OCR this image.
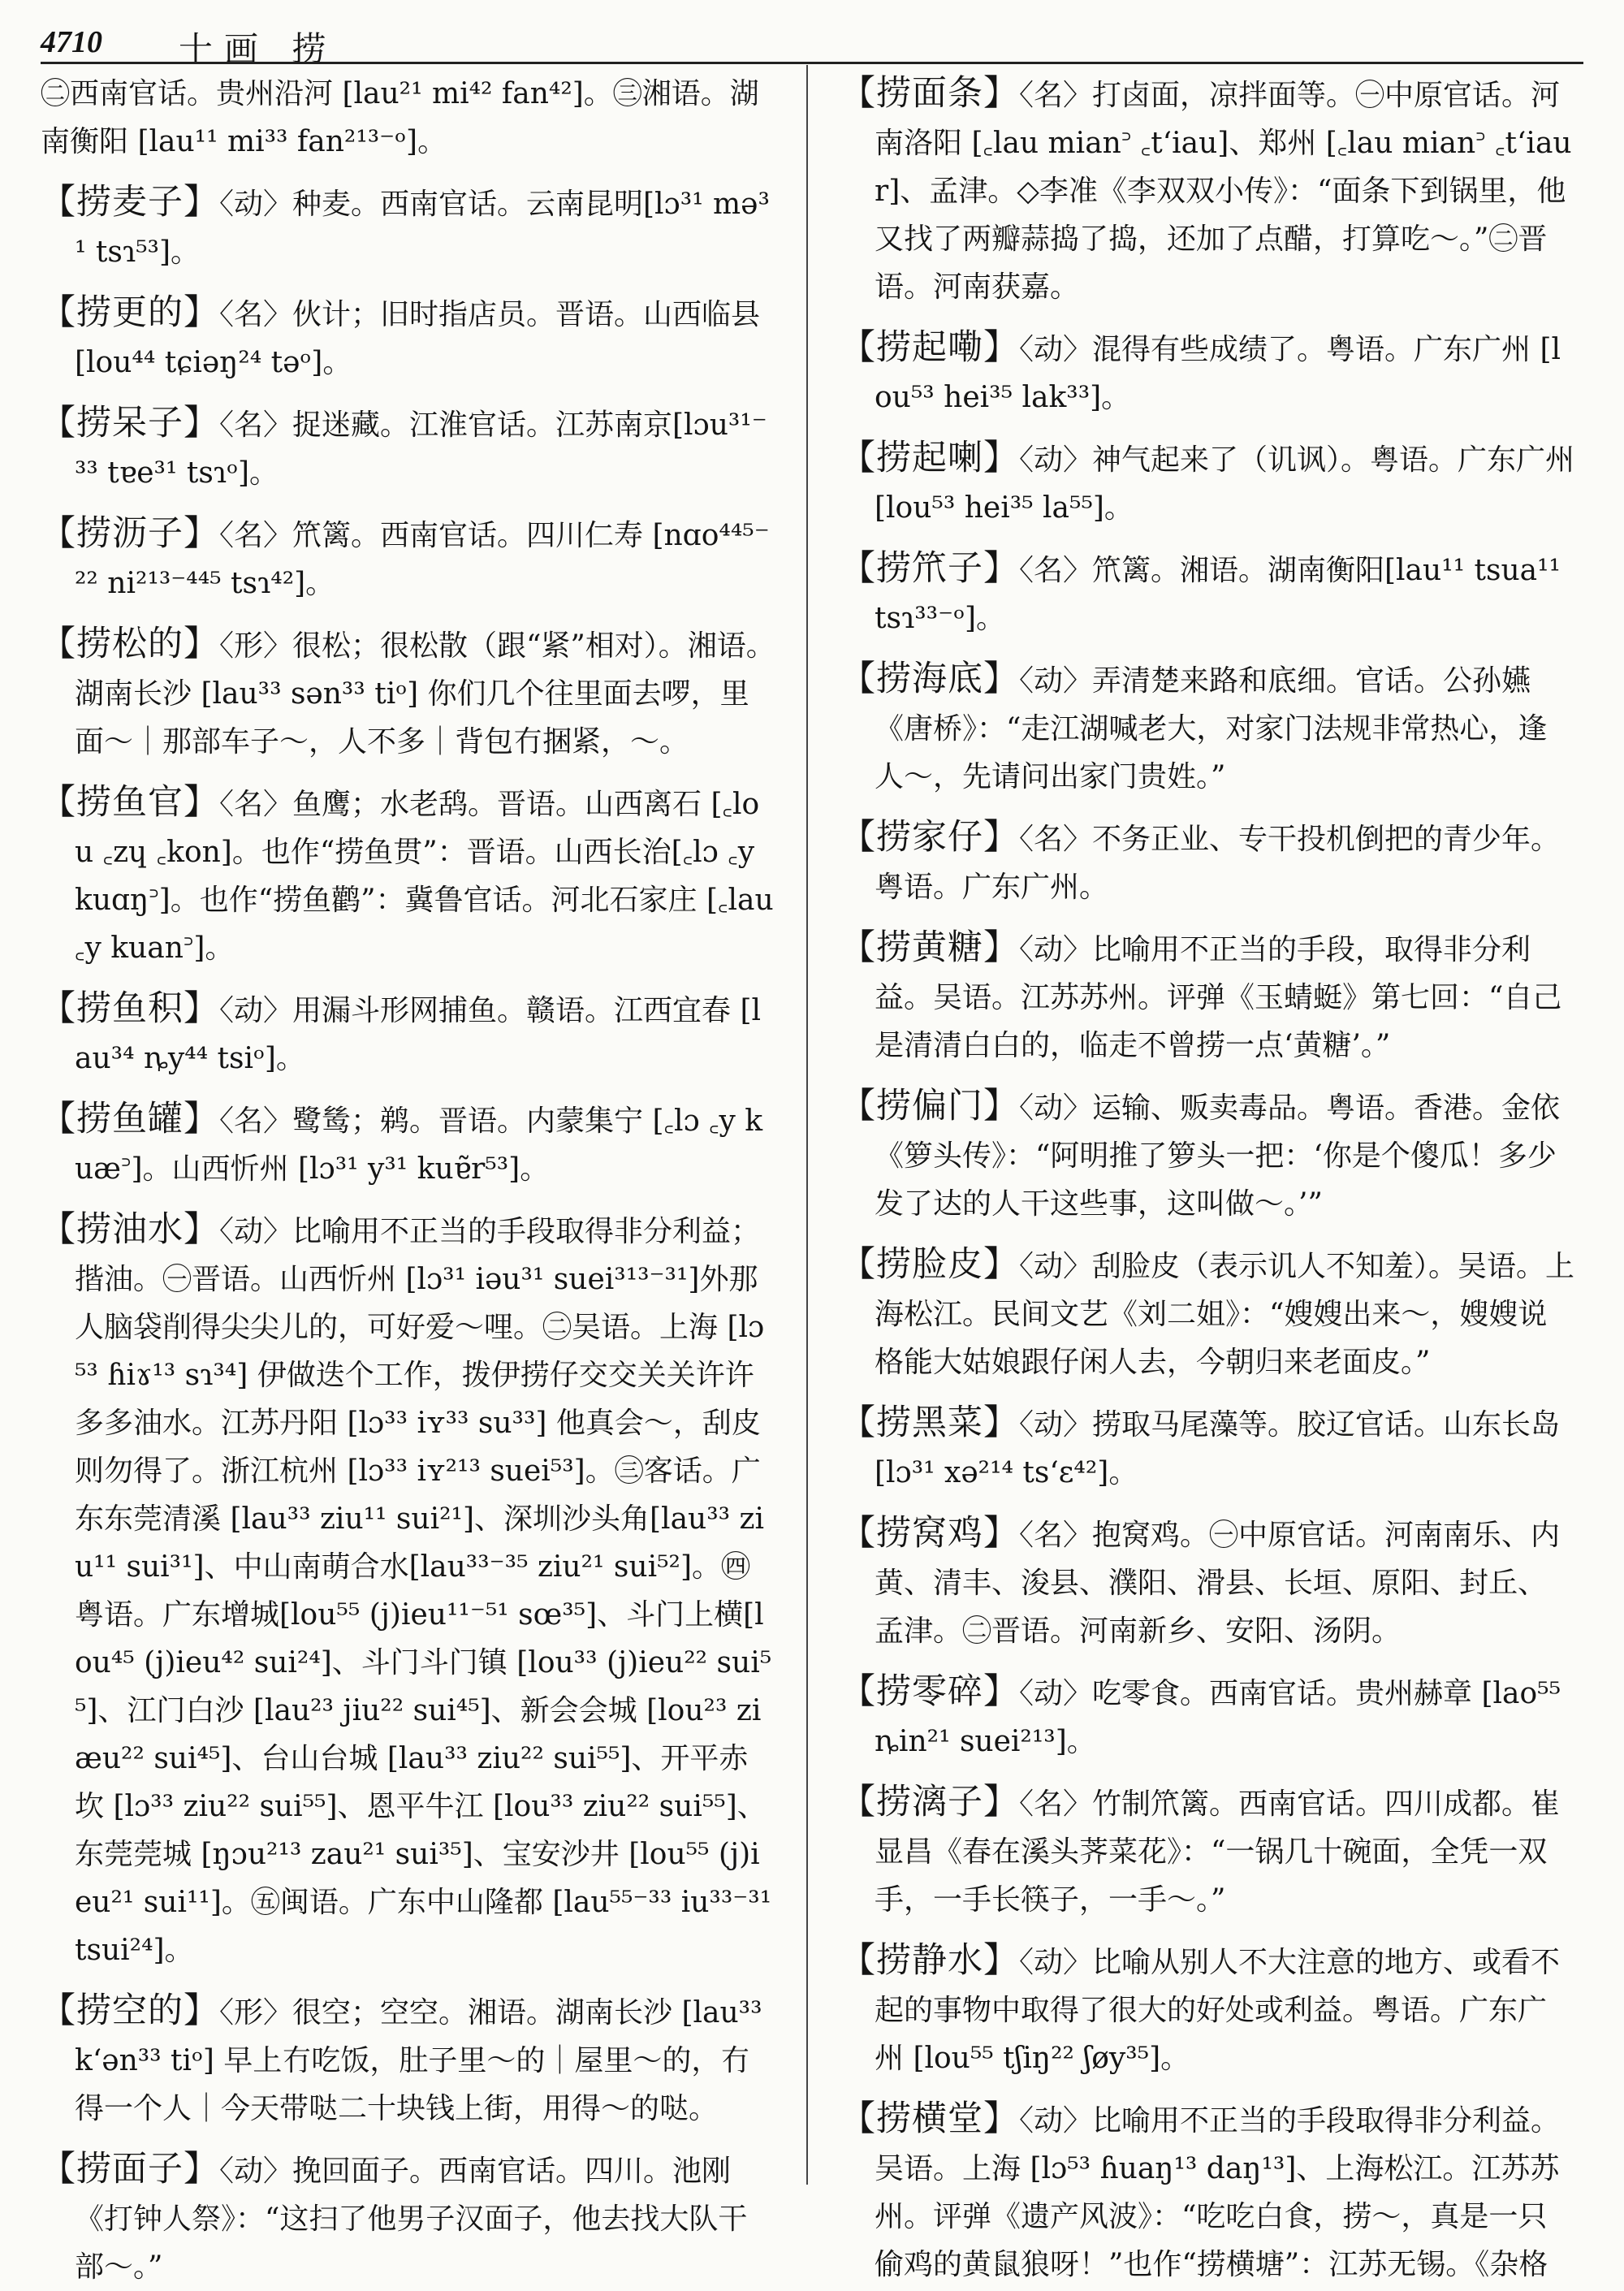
4710 十画 捞

㊁西南官话。贵州沿河 [lau²¹ mi⁴² fan⁴²]。㊂湘语。湖南衡阳 [lau¹¹ mi³³ fan²¹³⁻ᵒ]。

【捞麦子】〈动〉种麦。西南官话。云南昆明[lɔ³¹ mə³¹ tsɿ⁵³]。

【捞更的】〈名〉伙计；旧时指店员。晋语。山西临县 [lou⁴⁴ tɕiəŋ²⁴ təᵒ]。

【捞呆子】〈名〉捉迷藏。江淮官话。江苏南京[lɔu³¹⁻³³ tɐe³¹ tsɿᵒ]。

【捞沥子】〈名〉笊篱。西南官话。四川仁寿 [nɑo⁴⁴⁵⁻²² ni²¹³⁻⁴⁴⁵ tsɿ⁴²]。

【捞松的】〈形〉很松；很松散（跟“紧”相对）。湘语。湖南长沙 [lau³³ sən³³ tiᵒ] 你们几个往里面去啰，里面～｜那部车子～，人不多｜背包冇捆紧，～。

【捞鱼官】〈名〉鱼鹰；水老鸹。晋语。山西离石 [꜀lou ꜀zɥ ꜀kon]。也作“捞鱼贯”：晋语。山西长治[꜀lɔ ꜀y kuɑŋ꜄]。也作“捞鱼鹳”：冀鲁官话。河北石家庄 [꜀lau ꜀y kuan꜄]。

【捞鱼积】〈动〉用漏斗形网捕鱼。赣语。江西宜春 [lau³⁴ ȵy⁴⁴ tsiᵒ]。

【捞鱼罐】〈名〉鹭鸶；鹈。晋语。内蒙集宁 [꜀lɔ ꜀y kuæ꜄]。山西忻州 [lɔ³¹ y³¹ kuɐ̃r⁵³]。

【捞油水】〈动〉比喻用不正当的手段取得非分利益；揩油。㊀晋语。山西忻州 [lɔ³¹ iəu³¹ suei³¹³⁻³¹]外那人脑袋削得尖尖儿的，可好爱～哩。㊁吴语。上海 [lɔ⁵³ ɦiɤ¹³ sɿ³⁴] 伊做迭个工作，拨伊捞仔交交关关许许多多油水。江苏丹阳 [lɔ³³ iʏ³³ su³³] 他真会～，刮皮则勿得了。浙江杭州 [lɔ³³ iʏ²¹³ suei⁵³]。㊂客话。广东东莞清溪 [lau³³ ziu¹¹ sui²¹]、深圳沙头角[lau³³ ziu¹¹ sui³¹]、中山南萌合水[lau³³⁻³⁵ ziu²¹ sui⁵²]。㊃粤语。广东增城[lou⁵⁵ (j)ieu¹¹⁻⁵¹ sœ³⁵]、斗门上横[lou⁴⁵ (j)ieu⁴² sui²⁴]、斗门斗门镇 [lou³³ (j)ieu²² sui⁵⁵]、江门白沙 [lau²³ jiu²² sui⁴⁵]、新会会城 [lou²³ ziæu²² sui⁴⁵]、台山台城 [lau³³ ziu²² sui⁵⁵]、开平赤坎 [lɔ³³ ziu²² sui⁵⁵]、恩平牛江 [lou³³ ziu²² sui⁵⁵]、东莞莞城 [ŋɔu²¹³ zau²¹ sui³⁵]、宝安沙井 [lou⁵⁵ (j)ieu²¹ sui¹¹]。㊄闽语。广东中山隆都 [lau⁵⁵⁻³³ iu³³⁻³¹ tsui²⁴]。

【捞空的】〈形〉很空；空空。湘语。湖南长沙 [lau³³ kʻən³³ tiᵒ] 早上冇吃饭，肚子里～的｜屋里～的，冇得一个人｜今天带哒二十块钱上街，用得～的哒。

【捞面子】〈动〉挽回面子。西南官话。四川。池刚《打钟人祭》：“这扫了他男子汉面子，他去找大队干部～。”

【捞面条】〈名〉打卤面，凉拌面等。㊀中原官话。河南洛阳 [꜀lau mian꜄ ꜀tʻiau]、郑州 [꜀lau mian꜄ ꜀tʻiaur]、孟津。◇李准《李双双小传》：“面条下到锅里，他又找了两瓣蒜捣了捣，还加了点醋，打算吃～。”㊁晋语。河南获嘉。

【捞起嘞】〈动〉混得有些成绩了。粤语。广东广州 [lou⁵³ hei³⁵ lak³³]。

【捞起喇】〈动〉神气起来了（讥讽）。粤语。广东广州 [lou⁵³ hei³⁵ la⁵⁵]。

【捞笊子】〈名〉笊篱。湘语。湖南衡阳[lau¹¹ tsua¹¹ tsɿ³³⁻ᵒ]。

【捞海底】〈动〉弄清楚来路和底细。官话。公孙嬿《唐桥》：“走江湖喊老大，对家门法规非常热心，逢人～，先请问出家门贵姓。”

【捞家仔】〈名〉不务正业、专干投机倒把的青少年。粤语。广东广州。

【捞黄糖】〈动〉比喻用不正当的手段，取得非分利益。吴语。江苏苏州。评弹《玉蜻蜓》第七回：“自己是清清白白的，临走不曾捞一点‘黄糖’。”

【捞偏门】〈动〉运输、贩卖毒品。粤语。香港。金依《箩头传》：“阿明推了箩头一把：‘你是个傻瓜！多少发了达的人干这些事，这叫做～。’”

【捞脸皮】〈动〉刮脸皮（表示讥人不知羞）。吴语。上海松江。民间文艺《刘二姐》：“嫂嫂出来～，嫂嫂说格能大姑娘跟仔闲人去，今朝归来老面皮。”

【捞黑菜】〈动〉捞取马尾藻等。胶辽官话。山东长岛 [lɔ³¹ xə²¹⁴ tsʻɛ⁴²]。

【捞窝鸡】〈名〉抱窝鸡。㊀中原官话。河南南乐、内黄、清丰、浚县、濮阳、滑县、长垣、原阳、封丘、孟津。㊁晋语。河南新乡、安阳、汤阴。

【捞零碎】〈动〉吃零食。西南官话。贵州赫章 [lao⁵⁵ ȵin²¹ suei²¹³]。

【捞漓子】〈名〉竹制笊篱。西南官话。四川成都。崔显昌《春在溪头荠菜花》：“一锅几十碗面，全凭一双手，一手长筷子，一手～。”

【捞静水】〈动〉比喻从别人不大注意的地方、或看不起的事物中取得了很大的好处或利益。粤语。广东广州 [lou⁵⁵ tʃiŋ²² ʃøy³⁵]。

【捞横堂】〈动〉比喻用不正当的手段取得非分利益。吴语。上海 [lɔ⁵³ ɦuaŋ¹³ daŋ¹³]、上海松江。江苏苏州。评弹《遗产风波》：“吃吃白食，捞～，真是一只偷鸡的黄鼠狼呀！”也作“捞横塘”：江苏无锡。《杂格
